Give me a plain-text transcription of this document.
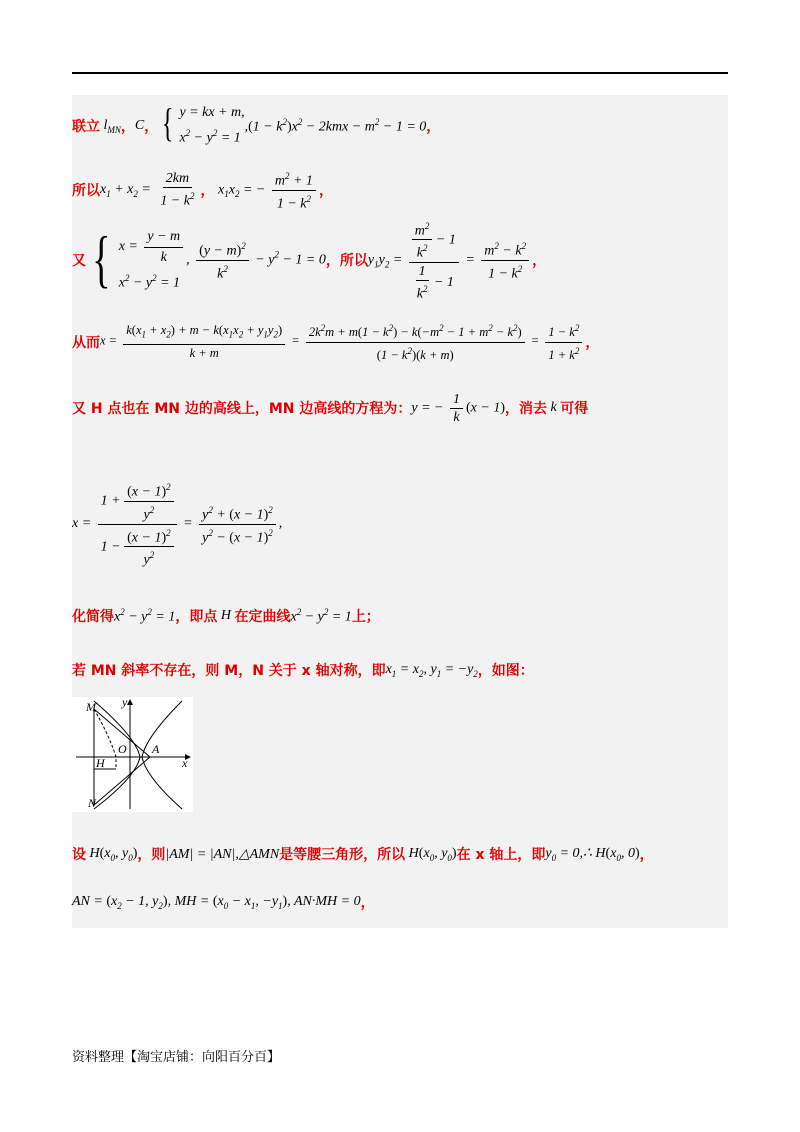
联立 $l_{MN}$ ， C ， { y = kx + m,
$x^2 - y^2 = 1$
$,(1 - k^2)x^2 - 2kmx - m^2 - 1 = 0$ ，
所以 $x_1 + x_2 = \frac{2km}{1 - k^2}$ ， $x_1x_2$ = − $\frac{m^2 + 1}{1 - k^2}$ ，
又 { $x = \frac{y - m}{k}$
$x^2 - y^2 = 1$
, $\frac{(y - m)^2}{k^2} - y^2 - 1 = 0$ ，所以 $y_1y_2 = \frac{\frac{m^2}{k^2} - 1}{\frac{1}{k^2} - 1} = \frac{m^2 - k^2}{1 - k^2}$ ，
从而 $x = \frac{k(x_1 + x_2) + m - k(x_1x_2 + y_1y_2)}{k + m} = \frac{2k^2m + m(1 - k^2) - k(-m^2 - 1 + m^2 - k^2)}{(1 - k^2)(k + m)} = \frac{1 - k^2}{1 + k^2}$ ，
又 H 点也在 MN 边的高线上，MN 边高线的方程为： y = − $\frac{1}{k} (x - 1)$ ，消去 k 可得
$x = \frac{1 + \frac{(x - 1)^2}{y^2}}{1 - \frac{(x - 1)^2}{y^2}} = \frac{y^2 + (x - 1)^2}{y^2 - (x - 1)^2}$ ,
化简得 $x^2 - y^2 = 1$ ，即点 H 在定曲线 $x^2 - y^2 = 1$ 上；
若 MN 斜率不存在，则 M，N 关于 x 轴对称，即 $x_1 = x_2$, $y_1 = -y_2$ ，如图：
M y
O A
H	x
N
设 $H(x_0$, $y_0$) ，则 |AM| = |AN|,△AMN 是等腰三角形，所以 $H(x_0$, $y_0$) 在 x 轴上，即 $y_0$ = 0,∴ $H(x_0$, 0) ，
AN = ($x_2 - 1$, $y_2$), MH = ($x_0 - x_1$, $-y_1$), AN·MH = 0 ，
资料整理【淘宝店铺：向阳百分百】
